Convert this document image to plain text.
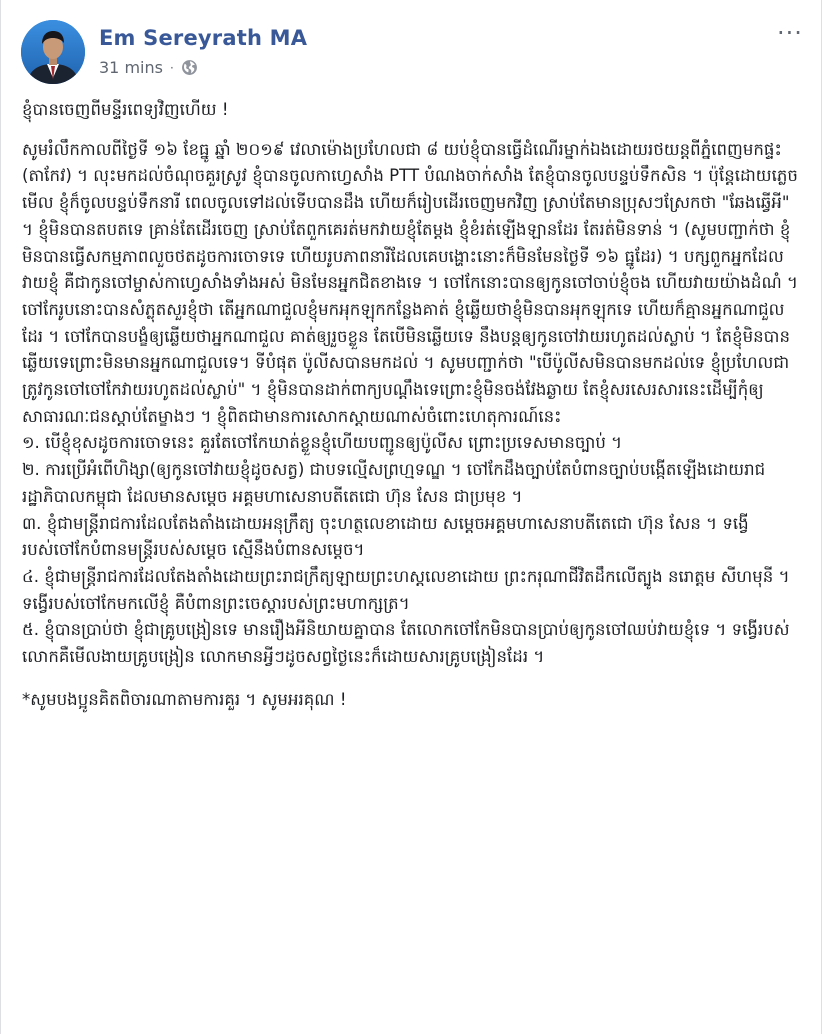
Em Sereyrath MA
31 mins ·
···

ខ្ញុំបានចេញពីមន្ទីរពេទ្យវិញហើយ !

សូមរំលឹកកាលពីថ្ងៃទី ១៦ ខែធ្នូ ឆ្នាំ ២០១៩ វេលាម៉ោងប្រហែលជា ៨ យប់ខ្ញុំបានធ្វើដំណើរម្នាក់ឯងដោយរថយន្តពីភ្នំពេញមកផ្ទះ (តាកែវ) ។ លុះមកដល់ចំណុចគួរស្រូវ ខ្ញុំបានចូលកាហ្វេសាំង PTT បំណងចាក់សាំង តែខ្ញុំបានចូលបន្ទប់ទឹកសិន ។ ប៉ុន្តែដោយភ្លេចមើល ខ្ញុំក៏ចូលបន្ទប់ទឹកនារី ពេលចូលទៅដល់ទើបបានដឹង ហើយក៏រៀបដើរចេញមកវិញ ស្រាប់តែមានប្រុសៗស្រែកថា "ឆែងឆ្វើអី" ។ ខ្ញុំមិនបានតបតទេ គ្រាន់តែដើរចេញ ស្រាប់តែពួកគេរត់មកវាយខ្ញុំតែម្តង ខ្ញុំខំរត់ឡើងឡានដែរ តែរត់មិនទាន់ ។ (សូមបញ្ជាក់ថា ខ្ញុំមិនបានធ្វើសកម្មភាពលួចថតដូចការចោទទេ ហើយរូបភាពនារីដែលគេបង្ហោះនោះក៏មិនមែនថ្ងៃទី ១៦ ធ្នូដែរ) ។ បក្សពួកអ្នកដែលវាយខ្ញុំ គឺជាកូនចៅម្ចាស់កាហ្វេសាំងទាំងអស់ មិនមែនអ្នកជិតខាងទេ ។ ចៅកែនោះបានឲ្យកូនចៅចាប់ខ្ញុំចង ហើយវាយយ៉ាងដំណំ ។ ចៅកែរូបនោះបានសំភ្លុតសួរខ្ញុំថា តើអ្នកណាជួលខ្ញុំមកអុកឡុកកន្លែងគាត់ ខ្ញុំឆ្លើយថាខ្ញុំមិនបានអុកឡុកទេ ហើយក៏គ្មានអ្នកណាជួលដែរ ។ ចៅកែបានបង្ខំឲ្យឆ្លើយថាអ្នកណាជួល គាត់ឲ្យរួចខ្លួន តែបើមិនឆ្លើយទេ នឹងបន្តឲ្យកូនចៅវាយរហូតដល់ស្លាប់ ។ តែខ្ញុំមិនបានឆ្លើយទេព្រោះមិនមានអ្នកណាជួលទេ។ ទីបំផុត ប៉ូលីសបានមកដល់ ។ សូមបញ្ជាក់ថា "បើប៉ូលីសមិនបានមកដល់ទេ ខ្ញុំប្រហែលជាត្រូវកូនចៅចៅកែវាយរហូតដល់ស្លាប់" ។ ខ្ញុំមិនបានដាក់ពាក្យបណ្តឹងទេព្រោះខ្ញុំមិនចង់វែងឆ្ងាយ តែខ្ញុំសរសេរសារនេះដើម្បីកុំឲ្យសាធារណៈជនស្តាប់តែម្ខាងៗ ។ ខ្ញុំពិតជាមានការសោកស្តាយណាស់ចំពោះហេតុការណ៍នេះ

១. បើខ្ញុំខុសដូចការចោទនេះ គួរតែចៅកែឃាត់ខ្លួនខ្ញុំហើយបញ្ជូនឲ្យប៉ូលីស ព្រោះប្រទេសមានច្បាប់ ។

២. ការប្រើអំពើហិង្សា(ឲ្យកូនចៅវាយខ្ញុំដូចសត្វ) ជាបទល្មើសព្រហ្មទណ្ឌ ។ ចៅកែដឹងច្បាប់តែបំពានច្បាប់បង្កើតឡើងដោយរាជរដ្ឋាភិបាលកម្ពុជា ដែលមានសម្តេច អគ្គមហាសេនាបតីតេជោ ហ៊ុន សែន ជាប្រមុខ ។

៣. ខ្ញុំជាមន្ត្រីរាជការដែលតែងតាំងដោយអនុក្រឹត្យ ចុះហត្ថលេខាដោយ សម្តេចអគ្គមហាសេនាបតីតេជោ ហ៊ុន សែន ។ ទង្វើរបស់ចៅកែបំពានមន្ត្រីរបស់សម្តេច ស្មើនឹងបំពានសម្តេច។

៤. ខ្ញុំជាមន្ត្រីរាជការដែលតែងតាំងដោយព្រះរាជក្រឹត្យឡាយព្រះហស្តលេខាដោយ ព្រះករុណាជីវិតដឹកលើត្បូង នរោត្តម សីហមុនី ។ ទង្វើរបស់ចៅកែមកលើខ្ញុំ គឺបំពានព្រះចេស្តារបស់ព្រះមហាក្សត្រ។

៥. ខ្ញុំបានប្រាប់ថា ខ្ញុំជាគ្រូបង្រៀនទេ មានរឿងអីនិយាយគ្នាបាន តែលោកចៅកែមិនបានប្រាប់ឲ្យកូនចៅឈប់វាយខ្ញុំទេ ។ ទង្វើរបស់លោកគឺមើលងាយគ្រូបង្រៀន លោកមានអ្វីៗដូចសព្វថ្ងៃនេះក៏ដោយសារគ្រូបង្រៀនដែរ ។

*សូមបងប្អូនគិតពិចារណាតាមការគួរ ។ សូមអរគុណ !
